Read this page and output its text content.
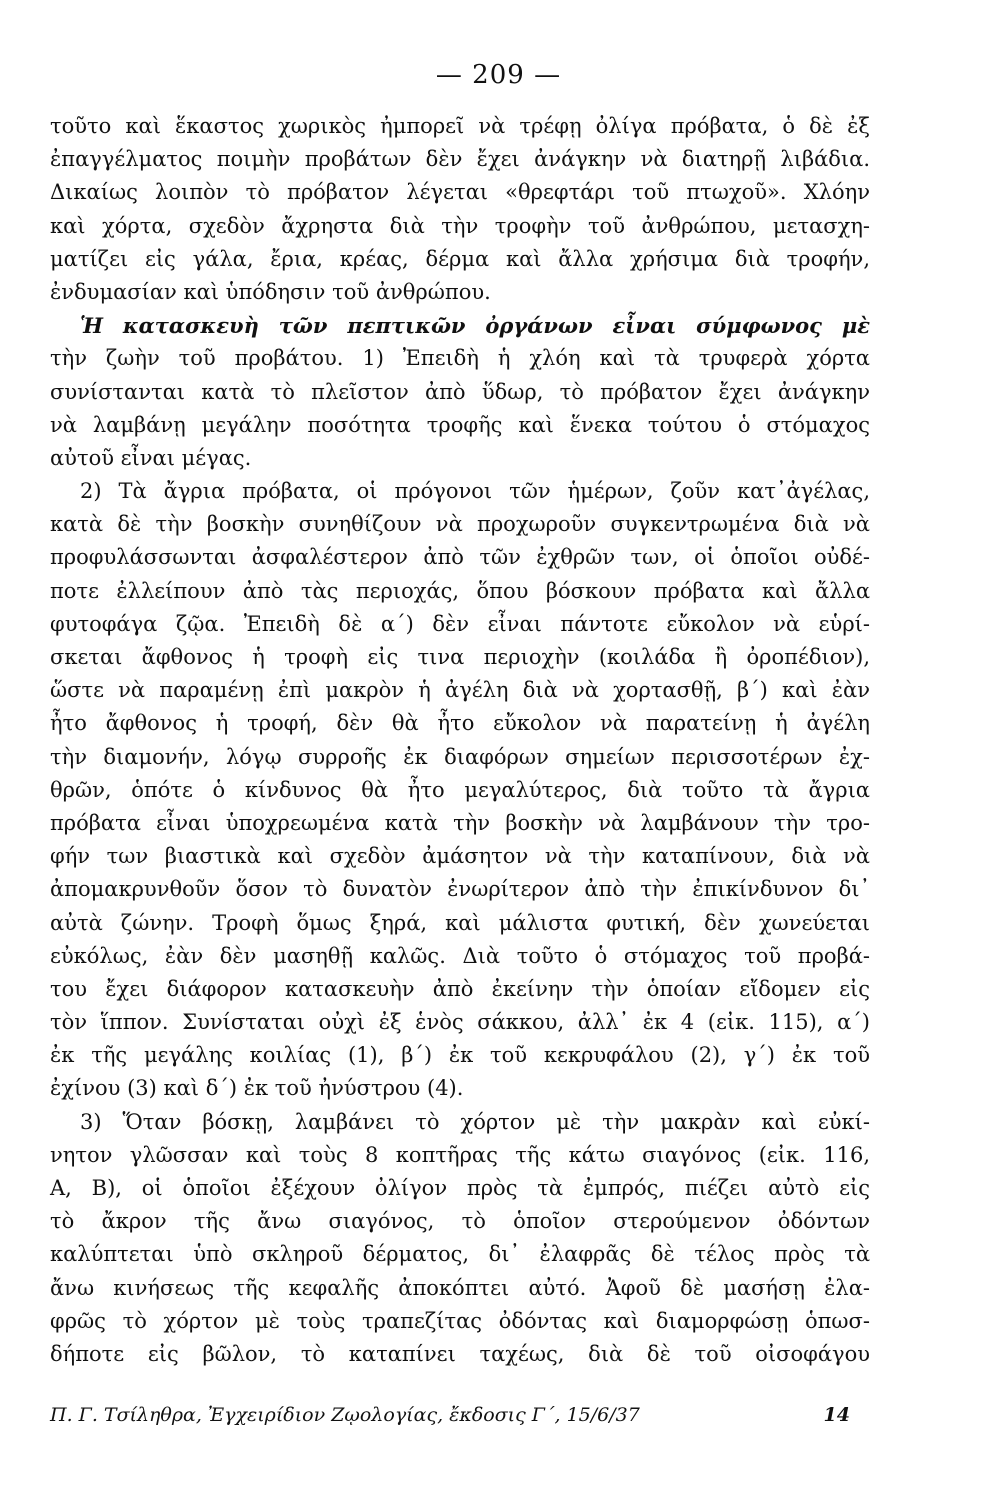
— 209 —
τοῦτο καὶ ἕκαστος χωρικὸς ἠμπορεῖ νὰ τρέφῃ ὀλίγα πρόβατα, ὁ δὲ ἐξ
ἐπαγγέλματος ποιμὴν προβάτων δὲν ἔχει ἀνάγκην νὰ διατηρῇ λιβάδια.
Δικαίως λοιπὸν τὸ πρόβατον λέγεται «θρεφτάρι τοῦ πτωχοῦ». Χλόην
καὶ χόρτα, σχεδὸν ἄχρηστα διὰ τὴν τροφὴν τοῦ ἀνθρώπου, μετασχη-
ματίζει εἰς γάλα, ἔρια, κρέας, δέρμα καὶ ἄλλα χρήσιμα διὰ τροφήν,
ἐνδυμασίαν καὶ ὑπόδησιν τοῦ ἀνθρώπου.
Ἡ κατασκευὴ τῶν πεπτικῶν ὀργάνων εἶναι σύμφωνος μὲ
τὴν ζωὴν τοῦ προβάτου. 1) Ἐπειδὴ ἡ χλόη καὶ τὰ τρυφερὰ χόρτα
συνίστανται κατὰ τὸ πλεῖστον ἀπὸ ὕδωρ, τὸ πρόβατον ἔχει ἀνάγκην
νὰ λαμβάνῃ μεγάλην ποσότητα τροφῆς καὶ ἕνεκα τούτου ὁ στόμαχος
αὐτοῦ εἶναι μέγας.
2) Τὰ ἄγρια πρόβατα, οἱ πρόγονοι τῶν ἡμέρων, ζοῦν κατ᾽ἀγέλας,
κατὰ δὲ τὴν βοσκὴν συνηθίζουν νὰ προχωροῦν συγκεντρωμένα διὰ νὰ
προφυλάσσωνται ἀσφαλέστερον ἀπὸ τῶν ἐχθρῶν των, οἱ ὁποῖοι οὐδέ-
ποτε ἐλλείπουν ἀπὸ τὰς περιοχάς, ὅπου βόσκουν πρόβατα καὶ ἄλλα
φυτοφάγα ζῷα. Ἐπειδὴ δὲ α΄) δὲν εἶναι πάντοτε εὔκολον νὰ εὑρί-
σκεται ἄφθονος ἡ τροφὴ εἰς τινα περιοχὴν (κοιλάδα ἢ ὀροπέδιον),
ὥστε νὰ παραμένῃ ἐπὶ μακρὸν ἡ ἀγέλη διὰ νὰ χορτασθῇ, β΄) καὶ ἐὰν
ἦτο ἄφθονος ἡ τροφή, δὲν θὰ ἦτο εὔκολον νὰ παρατείνῃ ἡ ἀγέλη
τὴν διαμονήν, λόγῳ συρροῆς ἐκ διαφόρων σημείων περισσοτέρων ἐχ-
θρῶν, ὁπότε ὁ κίνδυνος θὰ ἦτο μεγαλύτερος, διὰ τοῦτο τὰ ἄγρια
πρόβατα εἶναι ὑποχρεωμένα κατὰ τὴν βοσκὴν νὰ λαμβάνουν τὴν τρο-
φήν των βιαστικὰ καὶ σχεδὸν ἀμάσητον νὰ τὴν καταπίνουν, διὰ νὰ
ἀπομακρυνθοῦν ὅσον τὸ δυνατὸν ἐνωρίτερον ἀπὸ τὴν ἐπικίνδυνον δι᾽
αὐτὰ ζώνην. Τροφὴ ὅμως ξηρά, καὶ μάλιστα φυτική, δὲν χωνεύεται
εὐκόλως, ἐὰν δὲν μασηθῇ καλῶς. Διὰ τοῦτο ὁ στόμαχος τοῦ προβά-
του ἔχει διάφορον κατασκευὴν ἀπὸ ἐκείνην τὴν ὁποίαν εἴδομεν εἰς
τὸν ἵππον. Συνίσταται οὐχὶ ἐξ ἑνὸς σάκκου, ἀλλ᾽ ἐκ 4 (εἰκ. 115), α΄)
ἐκ τῆς μεγάλης κοιλίας (1), β΄) ἐκ τοῦ κεκρυφάλου (2), γ΄) ἐκ τοῦ
ἐχίνου (3) καὶ δ΄) ἐκ τοῦ ἠνύστρου (4).
3) Ὅταν βόσκῃ, λαμβάνει τὸ χόρτον μὲ τὴν μακρὰν καὶ εὐκί-
νητον γλῶσσαν καὶ τοὺς 8 κοπτῆρας τῆς κάτω σιαγόνος (εἰκ. 116,
Α, Β), οἱ ὁποῖοι ἐξέχουν ὀλίγον πρὸς τὰ ἐμπρός, πιέζει αὐτὸ εἰς
τὸ ἄκρον τῆς ἄνω σιαγόνος, τὸ ὁποῖον στερούμενον ὀδόντων
καλύπτεται ὑπὸ σκληροῦ δέρματος, δι᾽ ἐλαφρᾶς δὲ τέλος πρὸς τὰ
ἄνω κινήσεως τῆς κεφαλῆς ἀποκόπτει αὐτό. Ἀφοῦ δὲ μασήσῃ ἐλα-
φρῶς τὸ χόρτον μὲ τοὺς τραπεζίτας ὀδόντας καὶ διαμορφώσῃ ὁπωσ-
δήποτε εἰς βῶλον, τὸ καταπίνει ταχέως, διὰ δὲ τοῦ οἰσοφάγου
Π. Γ. Τσίληθρα, Ἐγχειρίδιον Ζῳολογίας, ἔκδοσις Γ΄, 15/6/37	14
